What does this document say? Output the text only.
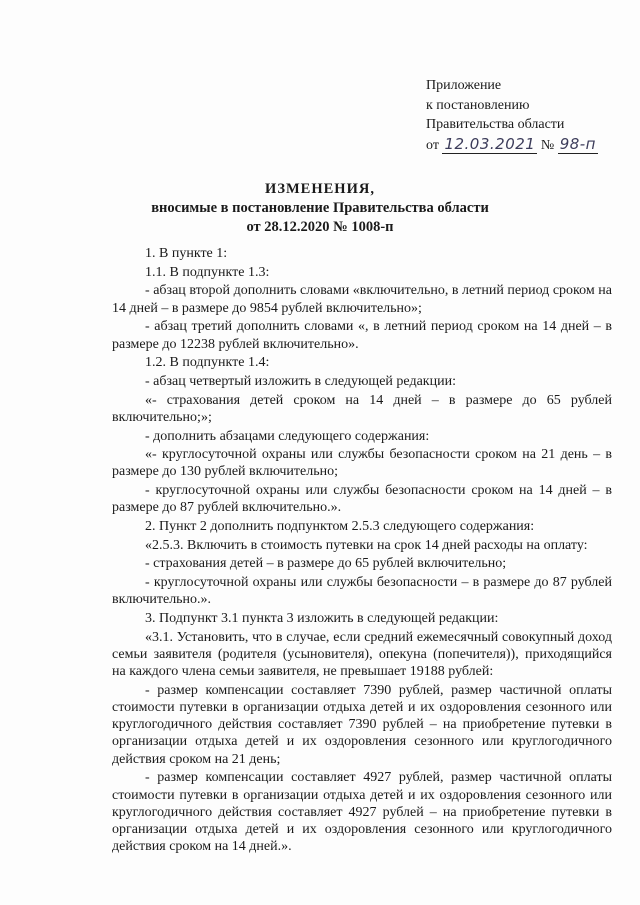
Приложение
к постановлению
Правительства области
от 12.03.2021 № 98-п
ИЗМЕНЕНИЯ,
вносимые в постановление Правительства области
от 28.12.2020 № 1008-п

1. В пункте 1:

1.1. В подпункте 1.3:

- абзац второй дополнить словами «включительно, в летний период сроком на 14 дней – в размере до 9854 рублей включительно»;

- абзац третий дополнить словами «, в летний период сроком на 14 дней – в размере до 12238 рублей включительно».

1.2. В подпункте 1.4:

- абзац четвертый изложить в следующей редакции:

«- страхования детей сроком на 14 дней – в размере до 65 рублей включительно;»;

- дополнить абзацами следующего содержания:

«- круглосуточной охраны или службы безопасности сроком на 21 день – в размере до 130 рублей включительно;

- круглосуточной охраны или службы безопасности сроком на 14 дней – в размере до 87 рублей включительно.».

2. Пункт 2 дополнить подпунктом 2.5.3 следующего содержания:

«2.5.3. Включить в стоимость путевки на срок 14 дней расходы на оплату:

- страхования детей – в размере до 65 рублей включительно;

- круглосуточной охраны или службы безопасности – в размере до 87 рублей включительно.».

3. Подпункт 3.1 пункта 3 изложить в следующей редакции:

«3.1. Установить, что в случае, если средний ежемесячный совокупный доход семьи заявителя (родителя (усыновителя), опекуна (попечителя)), приходящийся на каждого члена семьи заявителя, не превышает 19188 рублей:

- размер компенсации составляет 7390 рублей, размер частичной оплаты стоимости путевки в организации отдыха детей и их оздоровления сезонного или круглогодичного действия составляет 7390 рублей – на приобретение путевки в организации отдыха детей и их оздоровления сезонного или круглогодичного действия сроком на 21 день;

- размер компенсации составляет 4927 рублей, размер частичной оплаты стоимости путевки в организации отдыха детей и их оздоровления сезонного или круглогодичного действия составляет 4927 рублей – на приобретение путевки в организации отдыха детей и их оздоровления сезонного или круглогодичного действия сроком на 14 дней.».
